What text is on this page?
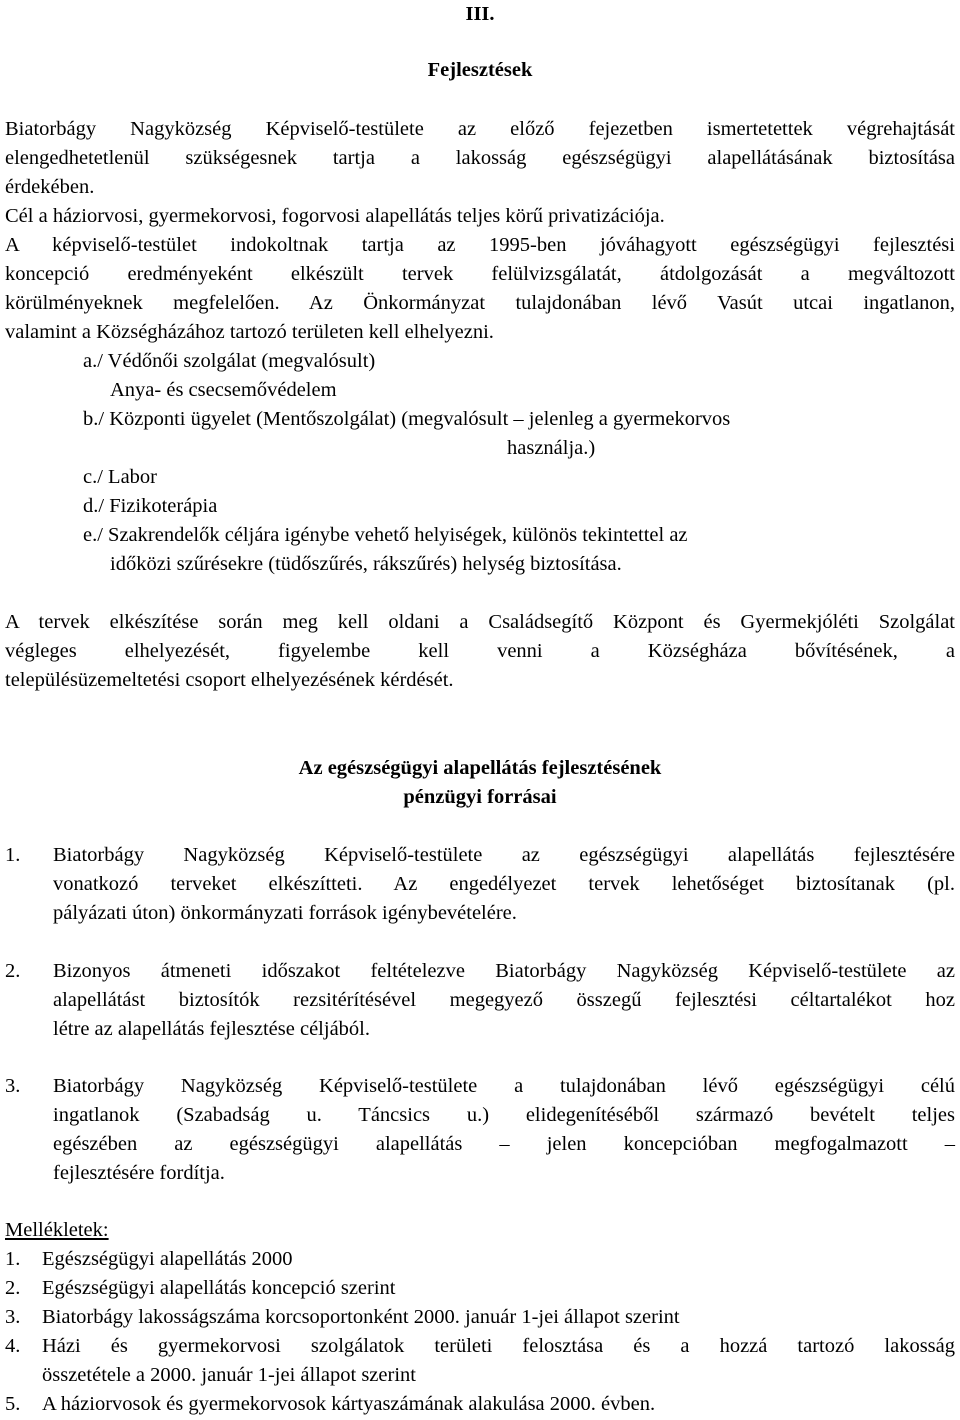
III.
Fejlesztések
Biatorbágy Nagyközség Képviselő-testülete az előző fejezetben ismertetettek végrehajtását
elengedhetetlenül szükségesnek tartja a lakosság egészségügyi alapellátásának biztosítása
érdekében.
Cél a háziorvosi, gyermekorvosi, fogorvosi alapellátás teljes körű privatizációja.
A képviselő-testület indokoltnak tartja az 1995-ben jóváhagyott egészségügyi fejlesztési
koncepció eredményeként elkészült tervek felülvizsgálatát, átdolgozását a megváltozott
körülményeknek megfelelően. Az Önkormányzat tulajdonában lévő Vasút utcai ingatlanon,
valamint a Községházához tartozó területen kell elhelyezni.
a./ Védőnői szolgálat (megvalósult)
Anya- és csecsemővédelem
b./ Központi ügyelet (Mentőszolgálat) (megvalósult – jelenleg a gyermekorvos
használja.)
c./ Labor
d./ Fizikoterápia
e./ Szakrendelők céljára igénybe vehető helyiségek, különös tekintettel az
időközi szűrésekre (tüdőszűrés, rákszűrés) helység biztosítása.
A tervek elkészítése során meg kell oldani a Családsegítő Központ és Gyermekjóléti Szolgálat
végleges elhelyezését, figyelembe kell venni a Községháza bővítésének, a
településüzemeltetési csoport elhelyezésének kérdését.
Az egészségügyi alapellátás fejlesztésének
pénzügyi forrásai
1. Biatorbágy Nagyközség Képviselő-testülete az egészségügyi alapellátás fejlesztésére
vonatkozó terveket elkészítteti. Az engedélyezet tervek lehetőséget biztosítanak (pl.
pályázati úton) önkormányzati források igénybevételére.
2. Bizonyos átmeneti időszakot feltételezve Biatorbágy Nagyközség Képviselő-testülete az
alapellátást biztosítók rezsitérítésével megegyező összegű fejlesztési céltartalékot hoz
létre az alapellátás fejlesztése céljából.
3. Biatorbágy Nagyközség Képviselő-testülete a tulajdonában lévő egészségügyi célú
ingatlanok (Szabadság u. Táncsics u.) elidegenítéséből származó bevételt teljes
egészében az egészségügyi alapellátás – jelen koncepcióban megfogalmazott –
fejlesztésére fordítja.
Mellékletek:
1. Egészségügyi alapellátás 2000
2. Egészségügyi alapellátás koncepció szerint
3. Biatorbágy lakosságszáma korcsoportonként 2000. január 1-jei állapot szerint
4. Házi és gyermekorvosi szolgálatok területi felosztása és a hozzá tartozó lakosság
összetétele a 2000. január 1-jei állapot szerint
5. A háziorvosok és gyermekorvosok kártyaszámának alakulása 2000. évben.
